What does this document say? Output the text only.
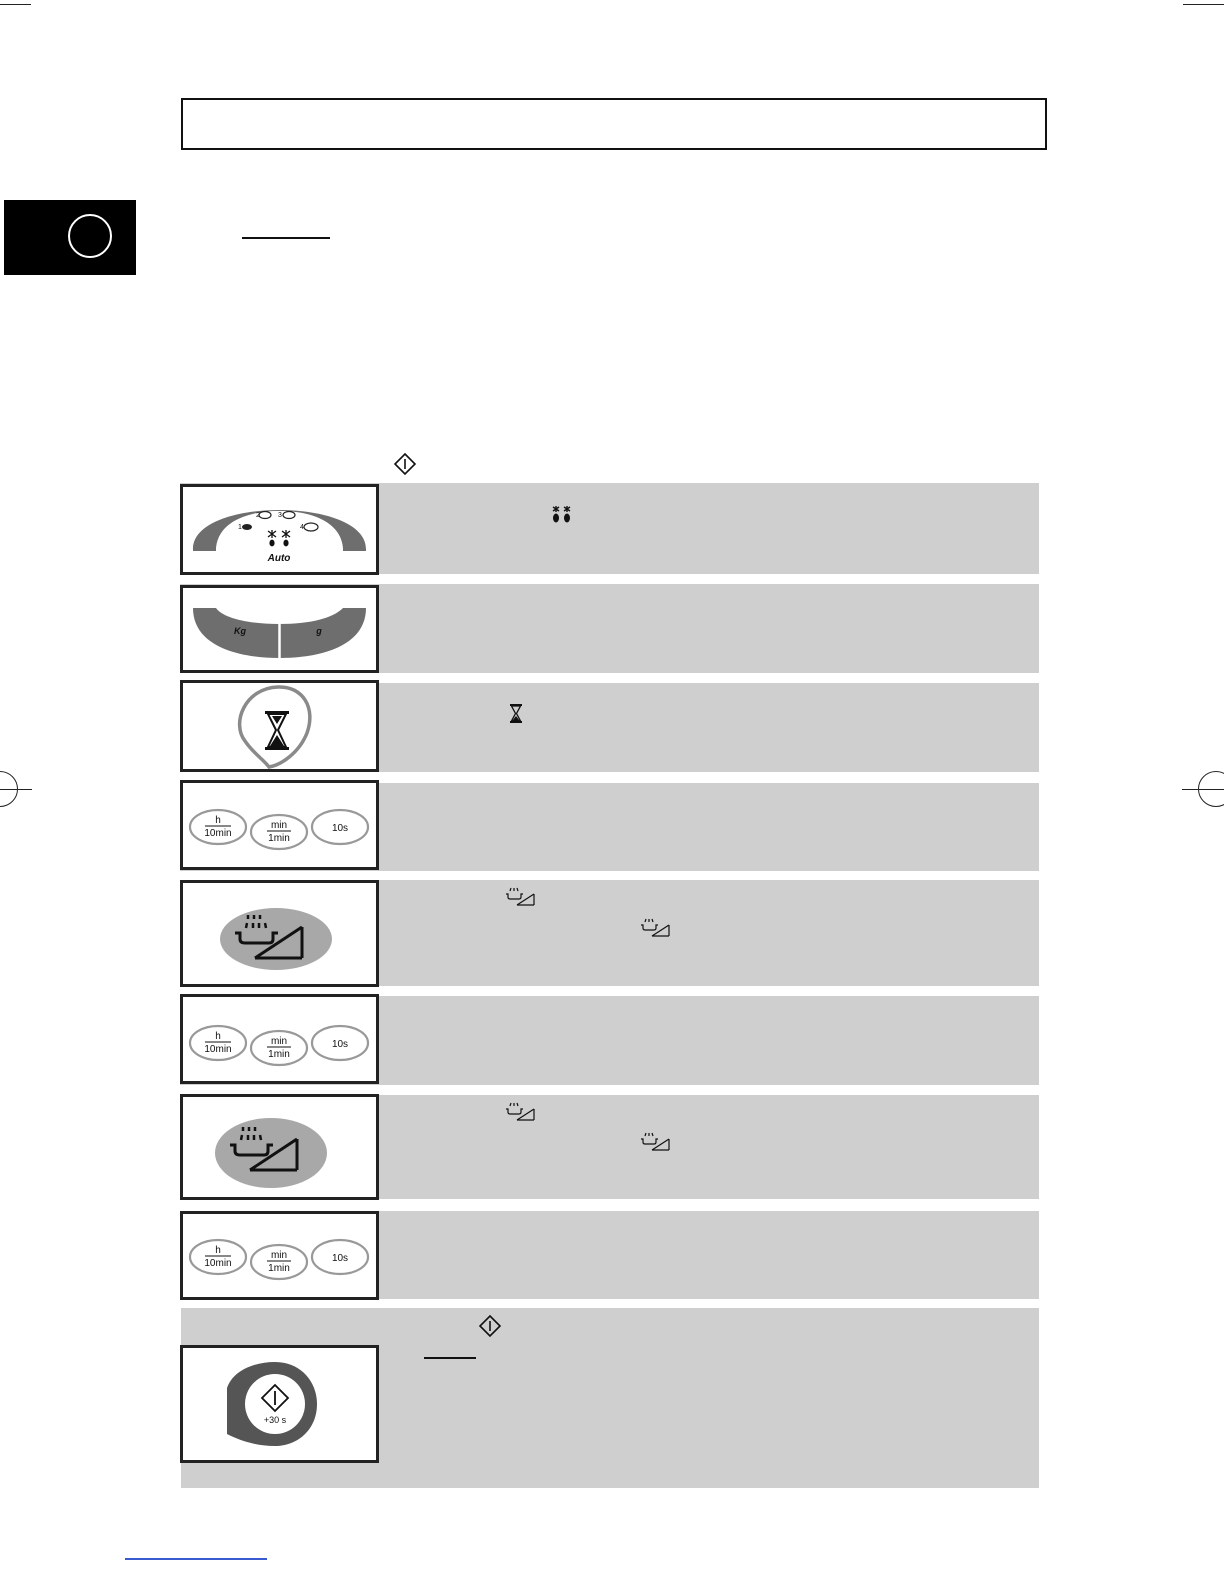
1
2	3
4
Auto
Kg	g
h
10min
min
1min
10s
h
10min
min
1min
10s
h
10min
min
1min
10s
+30 s
